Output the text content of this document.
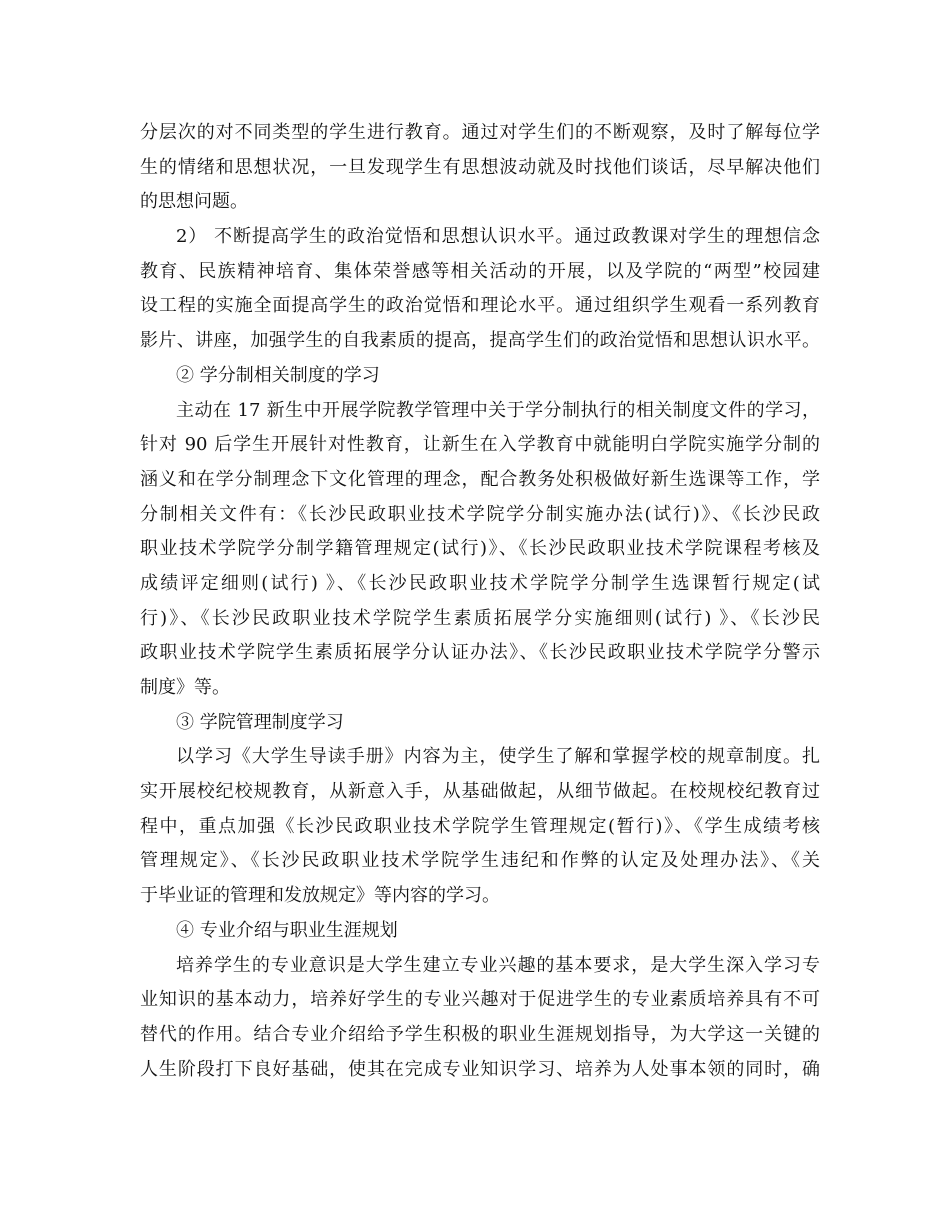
分层次的对不同类型的学生进行教育。通过对学生们的不断观察，及时了解每位学
生的情绪和思想状况，一旦发现学生有思想波动就及时找他们谈话，尽早解决他们
的思想问题。
2） 不断提高学生的政治觉悟和思想认识水平。通过政教课对学生的理想信念
教育、民族精神培育、集体荣誉感等相关活动的开展，以及学院的“两型”校园建
设工程的实施全面提高学生的政治觉悟和理论水平。通过组织学生观看一系列教育
影片、讲座，加强学生的自我素质的提高，提高学生们的政治觉悟和思想认识水平。
② 学分制相关制度的学习
主动在 17 新生中开展学院教学管理中关于学分制执行的相关制度文件的学习，
针对 90 后学生开展针对性教育，让新生在入学教育中就能明白学院实施学分制的
涵义和在学分制理念下文化管理的理念，配合教务处积极做好新生选课等工作，学
分制相关文件有：《长沙民政职业技术学院学分制实施办法(试行)》、《长沙民政
职业技术学院学分制学籍管理规定(试行)》、《长沙民政职业技术学院课程考核及
成绩评定细则(试行) 》、《长沙民政职业技术学院学分制学生选课暂行规定(试
行)》、《长沙民政职业技术学院学生素质拓展学分实施细则(试行) 》、《长沙民
政职业技术学院学生素质拓展学分认证办法》、《长沙民政职业技术学院学分警示
制度》等。
③ 学院管理制度学习
以学习《大学生导读手册》内容为主，使学生了解和掌握学校的规章制度。扎
实开展校纪校规教育，从新意入手，从基础做起，从细节做起。在校规校纪教育过
程中，重点加强《长沙民政职业技术学院学生管理规定(暂行)》、《学生成绩考核
管理规定》、《长沙民政职业技术学院学生违纪和作弊的认定及处理办法》、《关
于毕业证的管理和发放规定》等内容的学习。
④ 专业介绍与职业生涯规划
培养学生的专业意识是大学生建立专业兴趣的基本要求，是大学生深入学习专
业知识的基本动力，培养好学生的专业兴趣对于促进学生的专业素质培养具有不可
替代的作用。结合专业介绍给予学生积极的职业生涯规划指导，为大学这一关键的
人生阶段打下良好基础，使其在完成专业知识学习、培养为人处事本领的同时，确
